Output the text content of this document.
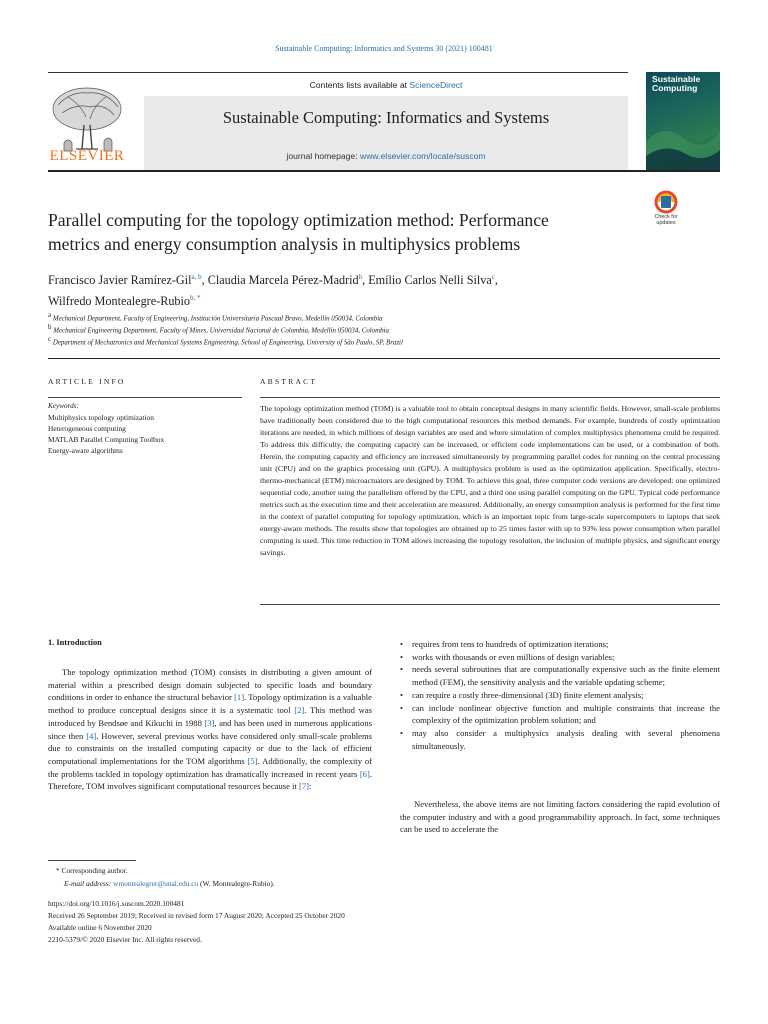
Sustainable Computing: Informatics and Systems 30 (2021) 100481
Contents lists available at ScienceDirect
Sustainable Computing: Informatics and Systems
journal homepage: www.elsevier.com/locate/suscom
ELSEVIER
Sustainable
Computing
Check for
updates
Parallel computing for the topology optimization method: Performance
metrics and energy consumption analysis in multiphysics problems
Francisco Javier Ramírez-Gil$^{a, b}$, Claudia Marcela Pérez-Madrid$^b$, Emílio Carlos Nelli Silva$^c$,
Wilfredo Montealegre-Rubio$^{b, *}$
$^a$ Mechanical Department, Faculty of Engineering, Institución Universitaria Pascual Bravo, Medellín 050034, Colombia
$^b$ Mechanical Engineering Department, Faculty of Mines, Universidad Nacional de Colombia, Medellín 050034, Colombia
$^c$ Department of Mechatronics and Mechanical Systems Engineering, School of Engineering, University of São Paulo, SP, Brazil
ARTICLE INFO
Keywords:
Multiphysics topology optimization
Heterogeneous computing
MATLAB Parallel Computing Toolbox
Energy-aware algorithms
ABSTRACT
The topology optimization method (TOM) is a valuable tool to obtain conceptual designs in many scientific fields. However, small-scale problems have traditionally been considered due to the high computational resources this method demands. For example, hundreds of costly optimization iterations are needed, in which millions of design variables are used and where simulation of complex multiphysics phenomena could be required. To address this difficulty, the computing capacity can be increased, or efficient code implementations can be used, or a combination of both. Herein, the computing capacity and efficiency are increased simultaneously by programming parallel codes for running on the central processing unit (CPU) and on the graphics processing unit (GPU). A multiphysics problem is used as the optimization application. Specifically, electro-thermo-mechanical (ETM) microactuators are designed by TOM. To achieve this goal, three computer code versions are developed: one optimized sequential code, another using the parallelism offered by the CPU, and a third one using parallel computing on the GPU. Typical code performance metrics such as the execution time and their acceleration are measured. Additionally, an energy consumption analysis is performed for the first time in the context of parallel computing for topology optimization, which is an important topic from large-scale supercomputers to laptops that seek energy-aware methods. The results show that topologies are obtained up to 25 times faster with up to 93% less power consumption when parallel computing is used. This time reduction in TOM allows increasing the topology resolution, the inclusion of multiple physics, and significant energy savings.
1. Introduction
The topology optimization method (TOM) consists in distributing a given amount of material within a prescribed design domain subjected to specific loads and boundary conditions in order to enhance the structural behavior [1]. Topology optimization is a valuable method to produce conceptual designs since it is a systematic tool [2]. This method was introduced by Bendsøe and Kikuchi in 1988 [3], and has been used in numerous applications since then [4]. However, several previous works have considered only small-scale problems due to constraints on the installed computing capacity or due to the lack of efficient computational implementations for the TOM algorithms [5]. Additionally, the complexity of the problems tackled in topology optimization has dramatically increased in recent years [6]. Therefore, TOM involves significant computational resources because it [7]:
• requires from tens to hundreds of optimization iterations;
• works with thousands or even millions of design variables;
• needs several subroutines that are computationally expensive such as the finite element method (FEM), the sensitivity analysis and the variable updating scheme;
• can require a costly three-dimensional (3D) finite element analysis;
• can include nonlinear objective function and multiple constraints that increase the complexity of the optimization problem solution; and
• may also consider a multiphysics analysis dealing with several phenomena simultaneously.
Nevertheless, the above items are not limiting factors considering the rapid evolution of the computer industry and with a good programmability approach. In fact, some techniques can be used to accelerate the
* Corresponding author.
E-mail address: wmontealegrer@unal.edu.co (W. Montealegre-Rubio).
https://doi.org/10.1016/j.suscom.2020.100481
Received 26 September 2019; Received in revised form 17 August 2020; Accepted 25 October 2020
Available online 6 November 2020
2210-5379/© 2020 Elsevier Inc. All rights reserved.
